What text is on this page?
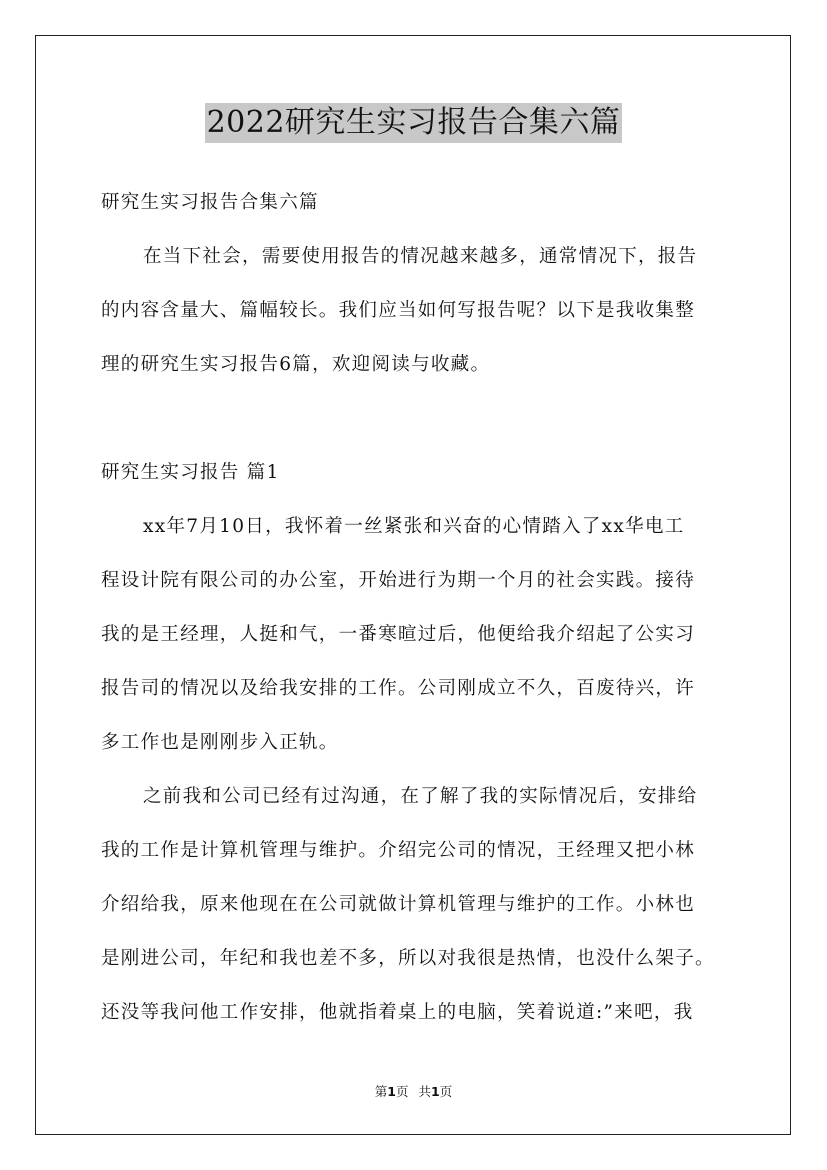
2022研究生实习报告合集六篇
研究生实习报告合集六篇
在当下社会，需要使用报告的情况越来越多，通常情况下，报告
的内容含量大、篇幅较长。我们应当如何写报告呢？以下是我收集整
理的研究生实习报告6篇，欢迎阅读与收藏。
研究生实习报告 篇1
xx年7月10日，我怀着一丝紧张和兴奋的心情踏入了xx华电工
程设计院有限公司的办公室，开始进行为期一个月的社会实践。接待
我的是王经理，人挺和气，一番寒暄过后，他便给我介绍起了公实习
报告司的情况以及给我安排的工作。公司刚成立不久，百废待兴，许
多工作也是刚刚步入正轨。
之前我和公司已经有过沟通，在了解了我的实际情况后，安排给
我的工作是计算机管理与维护。介绍完公司的情况，王经理又把小林
介绍给我，原来他现在在公司就做计算机管理与维护的工作。小林也
是刚进公司，年纪和我也差不多，所以对我很是热情，也没什么架子。
还没等我问他工作安排，他就指着桌上的电脑，笑着说道:”来吧，我
第1页 共1页
